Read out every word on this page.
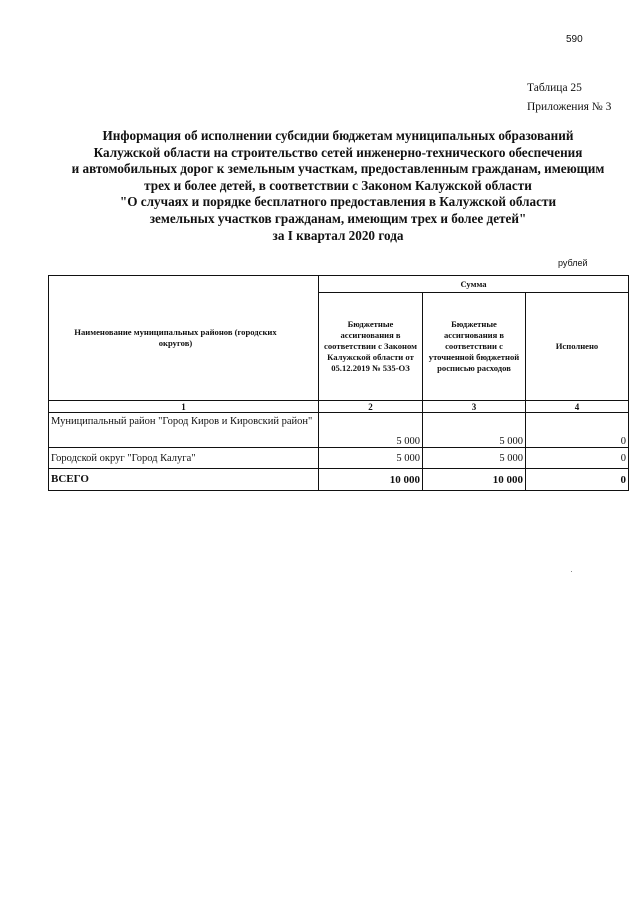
590
Таблица 25
Приложения № 3
Информация об исполнении субсидии бюджетам муниципальных образований
Калужской области на строительство сетей инженерно-технического обеспечения
и автомобильных дорог к земельным участкам, предоставленным гражданам, имеющим
трех и более детей, в соответствии с Законом Калужской области
"О случаях и порядке бесплатного предоставления в Калужской области
земельных участков гражданам, имеющим трех и более детей"
за I квартал 2020 года
рублей
Наименование муниципальных районов (городских округов)	Сумма		
	Бюджетные ассигнования в соответствии с Законом Калужской области от 05.12.2019 № 535-ОЗ	Бюджетные ассигнования в соответствии с уточненной бюджетной росписью расходов	Исполнено
1	2	3	4
Муниципальный район "Город Киров и Кировский район"	5 000	5 000	0
Городской округ "Город Калуга"	5 000	5 000	0
ВСЕГО	10 000	10 000	0
